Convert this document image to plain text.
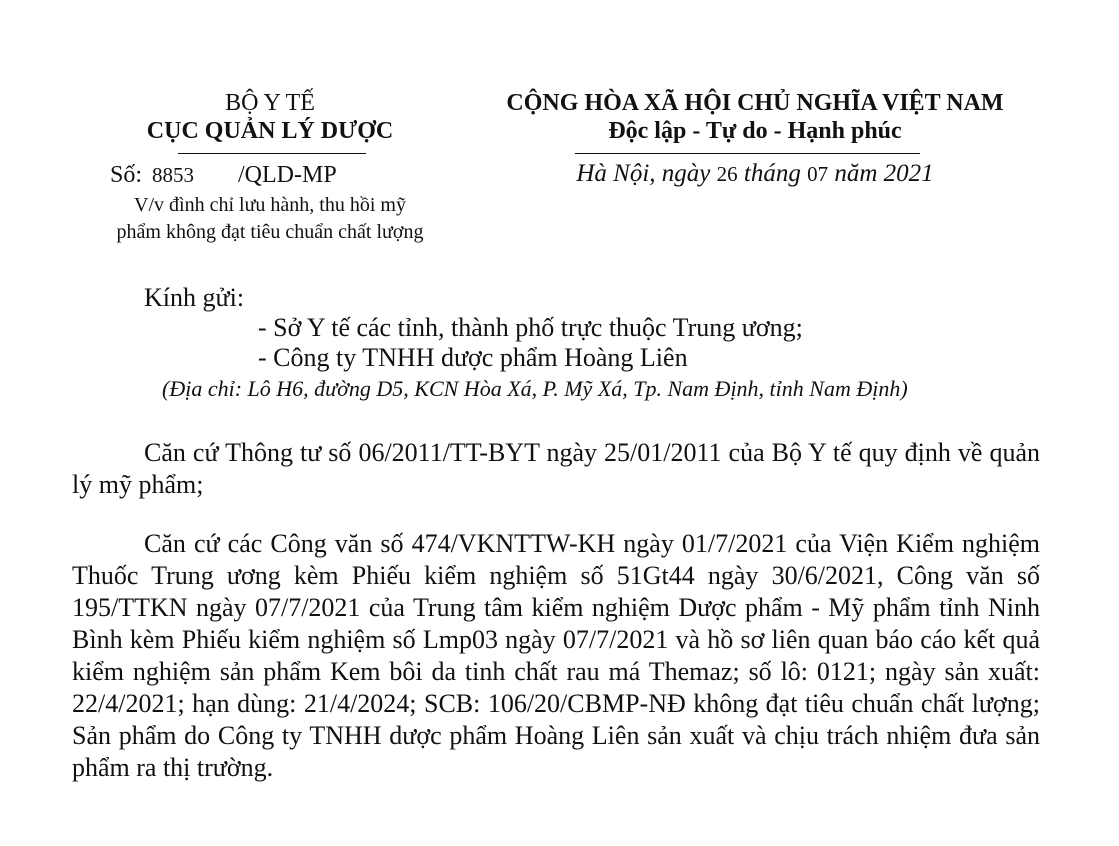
BỘ Y TẾ
CỤC QUẢN LÝ DƯỢC
Số: 8853 /QLD-MP
V/v đình chỉ lưu hành, thu hồi mỹ
phẩm không đạt tiêu chuẩn chất lượng
CỘNG HÒA XÃ HỘI CHỦ NGHĨA VIỆT NAM
Độc lập - Tự do - Hạnh phúc
Hà Nội, ngày 26 tháng 07 năm 2021
Kính gửi:
- Sở Y tế các tỉnh, thành phố trực thuộc Trung ương;
- Công ty TNHH dược phẩm Hoàng Liên
(Địa chỉ: Lô H6, đường D5, KCN Hòa Xá, P. Mỹ Xá, Tp. Nam Định, tỉnh Nam Định)

Căn cứ Thông tư số 06/2011/TT-BYT ngày 25/01/2011 của Bộ Y tế quy định về quản lý mỹ phẩm;

Căn cứ các Công văn số 474/VKNTTW-KH ngày 01/7/2021 của Viện Kiểm nghiệm Thuốc Trung ương kèm Phiếu kiểm nghiệm số 51Gt44 ngày 30/6/2021, Công văn số 195/TTKN ngày 07/7/2021 của Trung tâm kiểm nghiệm Dược phẩm - Mỹ phẩm tỉnh Ninh Bình kèm Phiếu kiểm nghiệm số Lmp03 ngày 07/7/2021 và hồ sơ liên quan báo cáo kết quả kiểm nghiệm sản phẩm Kem bôi da tinh chất rau má Themaz; số lô: 0121; ngày sản xuất: 22/4/2021; hạn dùng: 21/4/2024; SCB: 106/20/CBMP-NĐ không đạt tiêu chuẩn chất lượng; Sản phẩm do Công ty TNHH dược phẩm Hoàng Liên sản xuất và chịu trách nhiệm đưa sản phẩm ra thị trường.
